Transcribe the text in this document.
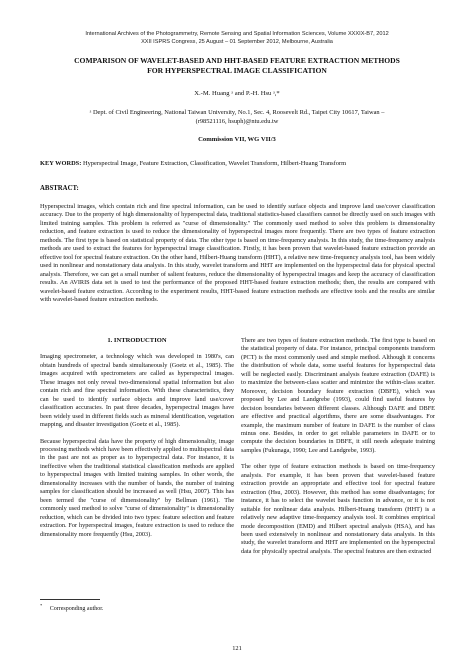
International Archives of the Photogrammetry, Remote Sensing and Spatial Information Sciences, Volume XXXIX-B7, 2012
XXII ISPRS Congress, 25 August – 01 September 2012, Melbourne, Australia
COMPARISON OF WAVELET-BASED AND HHT-BASED FEATURE EXTRACTION METHODS
FOR HYPERSPECTRAL IMAGE CLASSIFICATION
X.-M. Huang ᵃ and P.-H. Hsu ᵃ,*
ᵃ Dept. of Civil Engineering, National Taiwan University, No.1, Sec. 4, Roosevelt Rd., Taipei City 10617, Taiwan –
(r98521116, hsuph)@ntu.edu.tw
Commission VII, WG VII/3
KEY WORDS: Hyperspectral Image, Feature Extraction, Classification, Wavelet Transform, Hilbert-Huang Transform
ABSTRACT:

Hyperspectral images, which contain rich and fine spectral information, can be used to identify surface objects and improve land use/cover classification accuracy. Due to the property of high dimensionality of hyperspectral data, traditional statistics-based classifiers cannot be directly used on such images with limited training samples. This problem is referred as "curse of dimensionality." The commonly used method to solve this problem is dimensionality reduction, and feature extraction is used to reduce the dimensionality of hyperspectral images more frequently. There are two types of feature extraction methods. The first type is based on statistical property of data. The other type is based on time-frequency analysis. In this study, the time-frequency analysis methods are used to extract the features for hyperspectral image classification. Firstly, it has been proven that wavelet-based feature extraction provide an effective tool for spectral feature extraction. On the other hand, Hilbert-Huang transform (HHT), a relative new time-frequency analysis tool, has been widely used in nonlinear and nonstationary data analysis. In this study, wavelet transform and HHT are implemented on the hyperspectral data for physical spectral analysis. Therefore, we can get a small number of salient features, reduce the dimensionality of hyperspectral images and keep the accuracy of classification results. An AVIRIS data set is used to test the performance of the proposed HHT-based feature extraction methods; then, the results are compared with wavelet-based feature extraction. According to the experiment results, HHT-based feature extraction methods are effective tools and the results are similar with wavelet-based feature extraction methods.

1. INTRODUCTION

Imaging spectrometer, a technology which was developed in 1980's, can obtain hundreds of spectral bands simultaneously (Goetz et al., 1985). The images acquired with spectrometers are called as hyperspectral images. These images not only reveal two-dimensional spatial information but also contain rich and fine spectral information. With these characteristics, they can be used to identify surface objects and improve land use/cover classification accuracies. In past three decades, hyperspectral images have been widely used in different fields such as mineral identification, vegetation mapping, and disaster investigation (Goetz et al., 1985).

Because hyperspectral data have the property of high dimensionality, image processing methods which have been effectively applied to multispectral data in the past are not as proper as to hyperspectral data. For instance, it is ineffective when the traditional statistical classification methods are applied to hyperspectral images with limited training samples. In other words, the dimensionality increases with the number of bands, the number of training samples for classification should be increased as well (Hsu, 2007). This has been termed the "curse of dimensionality" by Bellman (1961). The commonly used method to solve "curse of dimensionality" is dimensionality reduction, which can be divided into two types: feature selection and feature extraction. For hyperspectral images, feature extraction is used to reduce the dimensionality more frequently (Hsu, 2003).

There are two types of feature extraction methods. The first type is based on the statistical property of data. For instance, principal components transform (PCT) is the most commonly used and simple method. Although it concerns the distribution of whole data, some useful features for hyperspectral data will be neglected easily. Discriminant analysis feature extraction (DAFE) is to maximize the between-class scatter and minimize the within-class scatter. Moreover, decision boundary feature extraction (DBFE), which was proposed by Lee and Landgrebe (1993), could find useful features by decision boundaries between different classes. Although DAFE and DBFE are effective and practical algorithms, there are some disadvantages. For example, the maximum number of feature in DAFE is the number of class minus one. Besides, in order to get reliable parameters in DAFE or to compute the decision boundaries in DBFE, it still needs adequate training samples (Fukunaga, 1990; Lee and Landgrebe, 1993).

The other type of feature extraction methods is based on time-frequency analysis. For example, it has been proven that wavelet-based feature extraction provide an appropriate and effective tool for spectral feature extraction (Hsu, 2003). However, this method has some disadvantages; for instance, it has to select the wavelet basis function in advance, or it is not suitable for nonlinear data analysis. Hilbert-Huang transform (HHT) is a relatively new adaptive time-frequency analysis tool. It combines empirical mode decomposition (EMD) and Hilbert spectral analysis (HSA), and has been used extensively in nonlinear and nonstationary data analysis. In this study, the wavelet transform and HHT are implemented on the hyperspectral data for physically spectral analysis. The spectral features are then extracted

*     Corresponding author.
121
